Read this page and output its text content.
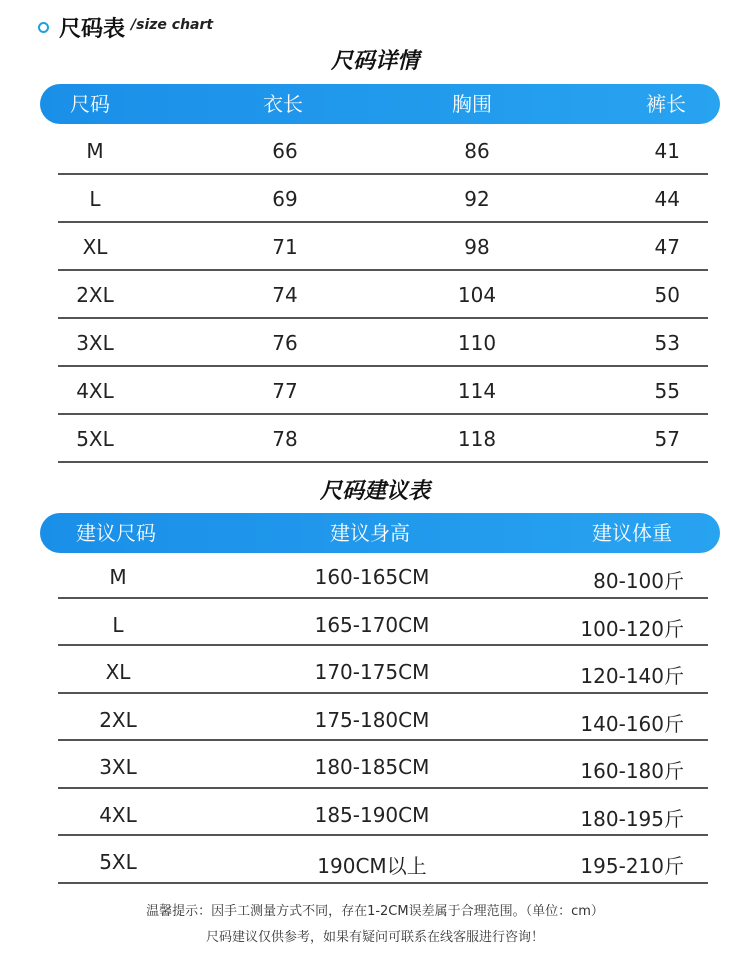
尺码表 /size chart
尺码详情
尺码	衣长	胸围	裤长
M	66	86	41
L	69	92	44
XL	71	98	47
2XL	74	104	50
3XL	76	110	53
4XL	77	114	55
5XL	78	118	57
尺码建议表
建议尺码	建议身高	建议体重
M	160-165CM	80-100斤
L	165-170CM	100-120斤
XL	170-175CM	120-140斤
2XL	175-180CM	140-160斤
3XL	180-185CM	160-180斤
4XL	185-190CM	180-195斤
5XL	190CM以上	195-210斤
温馨提示：因手工测量方式不同，存在1-2CM误差属于合理范围。（单位：cm）
尺码建议仅供参考，如果有疑问可联系在线客服进行咨询！
